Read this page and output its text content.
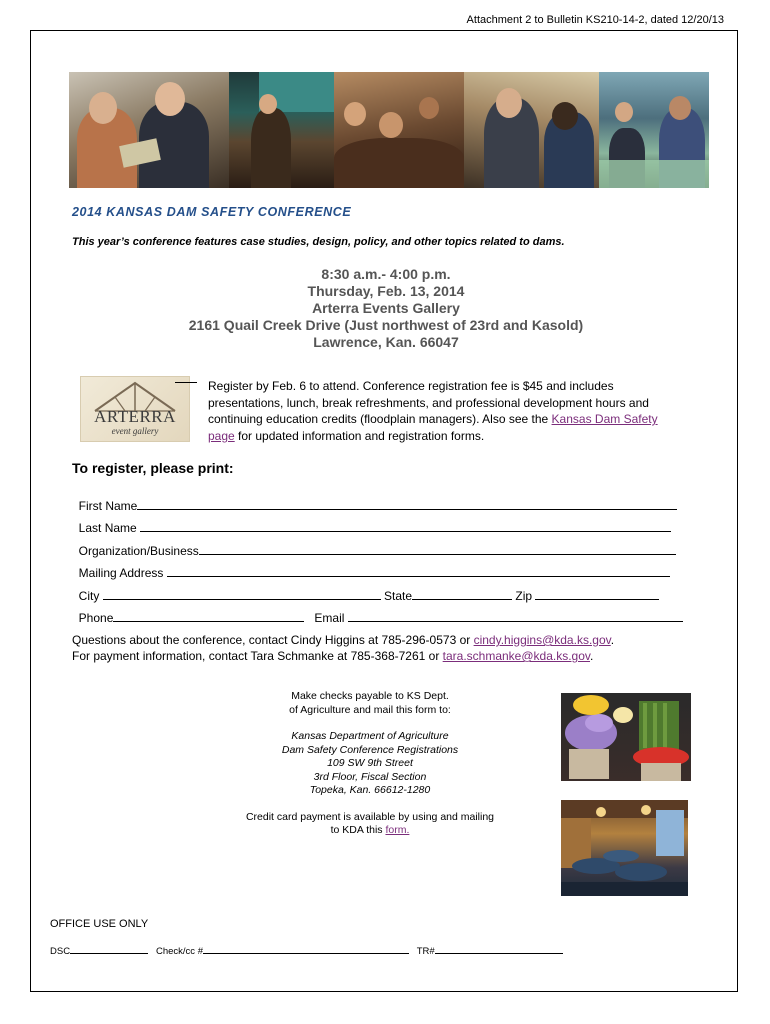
Attachment 2 to Bulletin KS210-14-2, dated 12/20/13
2014 KANSAS DAM SAFETY CONFERENCE
This year’s conference features case studies, design, policy, and other topics related to dams.
8:30 a.m.- 4:00 p.m.
Thursday, Feb. 13, 2014
Arterra Events Gallery
2161 Quail Creek Drive (Just northwest of 23rd and Kasold)
Lawrence, Kan. 66047
ARTERRA
event gallery
Register by Feb. 6 to attend. Conference registration fee is $45 and includes presentations, lunch, break refreshments, and professional development hours and continuing education credits (floodplain managers). Also see the Kansas Dam Safety page for updated information and registration forms.
To register, please print:

First Name

Last Name

Organization/Business

Mailing Address

City	State	Zip

Phone	Email

Questions about the conference, contact Cindy Higgins at 785-296-0573 or cindy.higgins@kda.ks.gov.
For payment information, contact Tara Schmanke at 785-368-7261 or tara.schmanke@kda.ks.gov.
Make checks payable to KS Dept.
of Agriculture and mail this form to:
Kansas Department of Agriculture
Dam Safety Conference Registrations
109 SW 9th Street
3rd Floor, Fiscal Section
Topeka, Kan. 66612-1280
Credit card payment is available by using and mailing
to KDA this form.
OFFICE USE ONLY
DSC	Check/cc #	TR#
